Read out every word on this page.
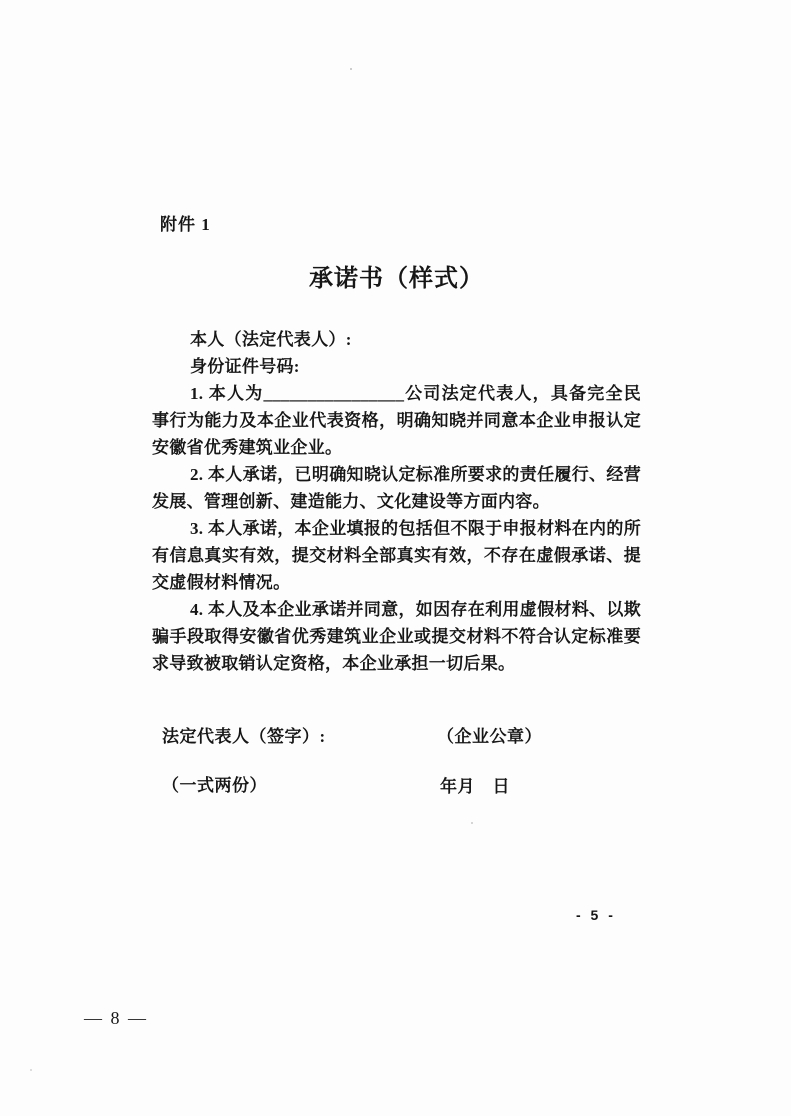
附件 1
承诺书（样式）
本人（法定代表人）:
身份证件号码:
1. 本人为________________公司法定代表人，具备完全民
事行为能力及本企业代表资格，明确知晓并同意本企业申报认定
安徽省优秀建筑业企业。
2. 本人承诺，已明确知晓认定标准所要求的责任履行、经营
发展、管理创新、建造能力、文化建设等方面内容。
3. 本人承诺，本企业填报的包括但不限于申报材料在内的所
有信息真实有效，提交材料全部真实有效，不存在虚假承诺、提
交虚假材料情况。
4. 本人及本企业承诺并同意，如因存在利用虚假材料、以欺
骗手段取得安徽省优秀建筑业企业或提交材料不符合认定标准要
求导致被取销认定资格，本企业承担一切后果。
法定代表人（签字）:	（企业公章）
（一式两份）	年月　日
- 5 -
— 8 —
